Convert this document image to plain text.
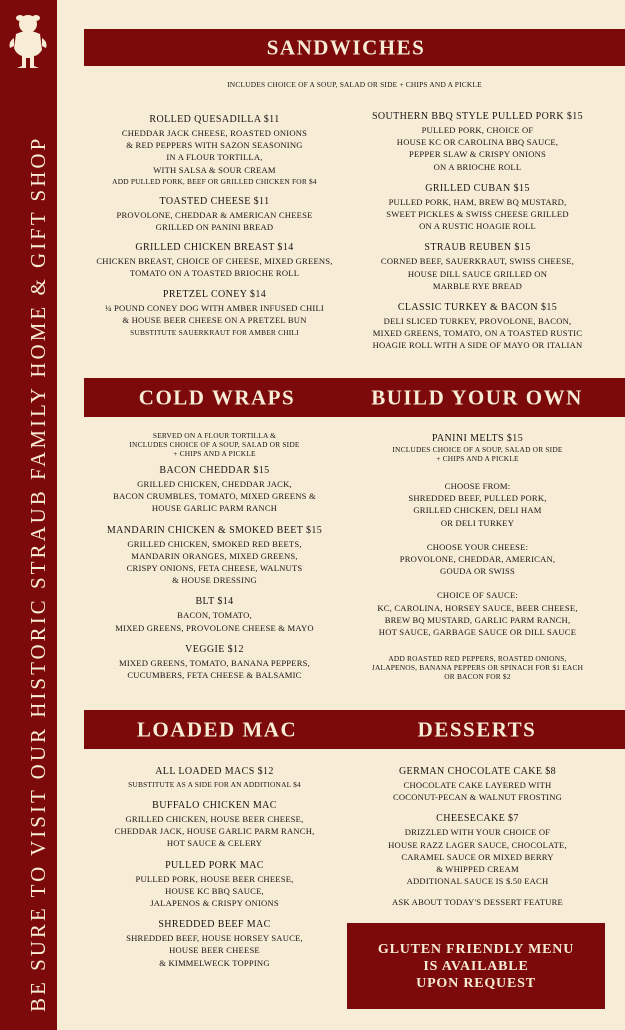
BE SURE TO VISIT OUR HISTORIC STRAUB FAMILY HOME & GIFT SHOP
SANDWICHES
COLD WRAPS	BUILD YOUR OWN
LOADED MAC	DESSERTS
INCLUDES CHOICE OF A SOUP, SALAD OR SIDE + CHIPS AND A PICKLE
ROLLED QUESADILLA $11
CHEDDAR JACK CHEESE, ROASTED ONIONS
& RED PEPPERS WITH SAZON SEASONING
IN A FLOUR TORTILLA,
WITH SALSA & SOUR CREAM
ADD PULLED PORK, BEEF OR GRILLED CHICKEN FOR $4
TOASTED CHEESE $11
PROVOLONE, CHEDDAR & AMERICAN CHEESE
GRILLED ON PANINI BREAD
GRILLED CHICKEN BREAST $14
CHICKEN BREAST, CHOICE OF CHEESE, MIXED GREENS,
TOMATO ON A TOASTED BRIOCHE ROLL
PRETZEL CONEY $14
¼ POUND CONEY DOG WITH AMBER INFUSED CHILI
& HOUSE BEER CHEESE ON A PRETZEL BUN
SUBSTITUTE SAUERKRAUT FOR AMBER CHILI
SOUTHERN BBQ STYLE PULLED PORK $15
PULLED PORK, CHOICE OF
HOUSE KC OR CAROLINA BBQ SAUCE,
PEPPER SLAW & CRISPY ONIONS
ON A BRIOCHE ROLL
GRILLED CUBAN $15
PULLED PORK, HAM, BREW BQ MUSTARD,
SWEET PICKLES & SWISS CHEESE GRILLED
ON A RUSTIC HOAGIE ROLL
STRAUB REUBEN $15
CORNED BEEF, SAUERKRAUT, SWISS CHEESE,
HOUSE DILL SAUCE GRILLED ON
MARBLE RYE BREAD
CLASSIC TURKEY & BACON $15
DELI SLICED TURKEY, PROVOLONE, BACON,
MIXED GREENS, TOMATO, ON A TOASTED RUSTIC
HOAGIE ROLL WITH A SIDE OF MAYO OR ITALIAN
SERVED ON A FLOUR TORTILLA &
INCLUDES CHOICE OF A SOUP, SALAD OR SIDE
+ CHIPS AND A PICKLE
BACON CHEDDAR $15
GRILLED CHICKEN, CHEDDAR JACK,
BACON CRUMBLES, TOMATO, MIXED GREENS &
HOUSE GARLIC PARM RANCH
MANDARIN CHICKEN & SMOKED BEET $15
GRILLED CHICKEN, SMOKED RED BEETS,
MANDARIN ORANGES, MIXED GREENS,
CRISPY ONIONS, FETA CHEESE, WALNUTS
& HOUSE DRESSING
BLT $14
BACON, TOMATO,
MIXED GREENS, PROVOLONE CHEESE & MAYO
VEGGIE $12
MIXED GREENS, TOMATO, BANANA PEPPERS,
CUCUMBERS, FETA CHEESE & BALSAMIC
PANINI MELTS $15
INCLUDES CHOICE OF A SOUP, SALAD OR SIDE
+ CHIPS AND A PICKLE
CHOOSE FROM:
SHREDDED BEEF, PULLED PORK,
GRILLED CHICKEN, DELI HAM
OR DELI TURKEY
CHOOSE YOUR CHEESE:
PROVOLONE, CHEDDAR, AMERICAN,
GOUDA OR SWISS
CHOICE OF SAUCE:
KC, CAROLINA, HORSEY SAUCE, BEER CHEESE,
BREW BQ MUSTARD, GARLIC PARM RANCH,
HOT SAUCE, GARBAGE SAUCE OR DILL SAUCE
ADD ROASTED RED PEPPERS, ROASTED ONIONS,
JALAPENOS, BANANA PEPPERS OR SPINACH FOR $1 EACH
OR BACON FOR $2
ALL LOADED MACS $12
SUBSTITUTE AS A SIDE FOR AN ADDITIONAL $4
BUFFALO CHICKEN MAC
GRILLED CHICKEN, HOUSE BEER CHEESE,
CHEDDAR JACK, HOUSE GARLIC PARM RANCH,
HOT SAUCE & CELERY
PULLED PORK MAC
PULLED PORK, HOUSE BEER CHEESE,
HOUSE KC BBQ SAUCE,
JALAPENOS & CRISPY ONIONS
SHREDDED BEEF MAC
SHREDDED BEEF, HOUSE HORSEY SAUCE,
HOUSE BEER CHEESE
& KIMMELWECK TOPPING
GERMAN CHOCOLATE CAKE $8
CHOCOLATE CAKE LAYERED WITH
COCONUT-PECAN & WALNUT FROSTING
CHEESECAKE $7
DRIZZLED WITH YOUR CHOICE OF
HOUSE RAZZ LAGER SAUCE, CHOCOLATE,
CARAMEL SAUCE OR MIXED BERRY
& WHIPPED CREAM
ADDITIONAL SAUCE IS $.50 EACH
ASK ABOUT TODAY'S DESSERT FEATURE
GLUTEN FRIENDLY MENU
IS AVAILABLE
UPON REQUEST
